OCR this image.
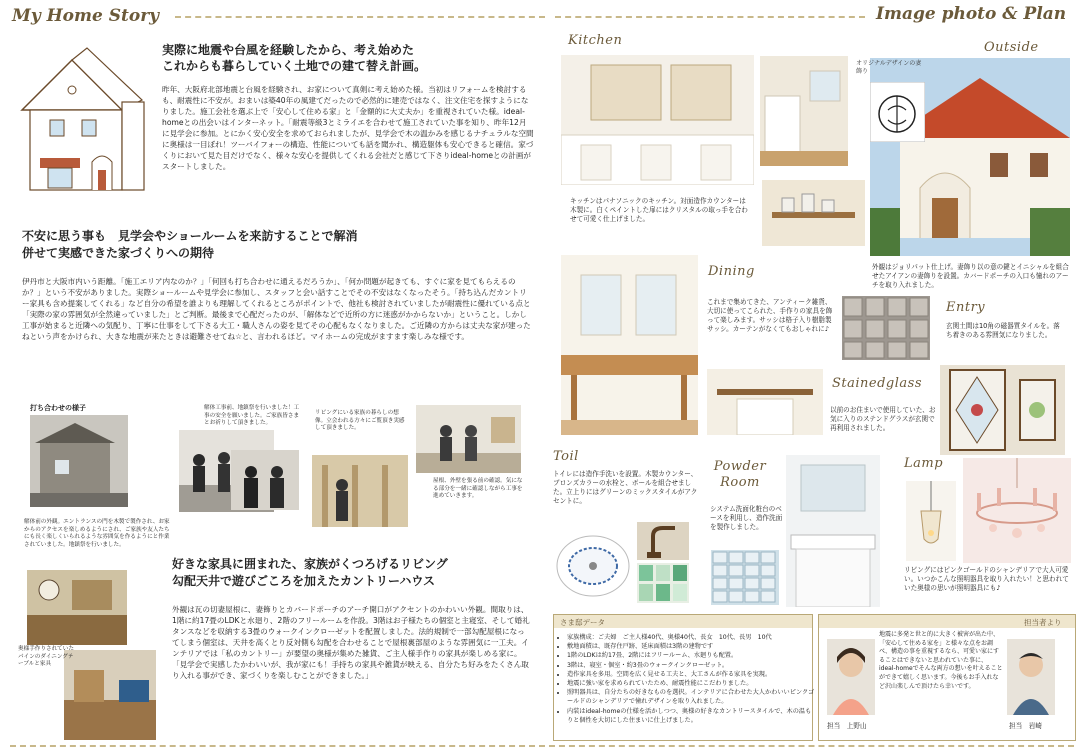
My Home Story	Image photo & Plan
実際に地震や台風を経験したから、考え始めた
これからも暮らしていく土地での建て替え計画。

昨年、大阪府北部地震と台風を経験され、お家について真剣に考え始めた様。当初はリフォームを検討するも、耐震性に不安が。おまいは築40年の風建てだったので必然的に建売ではなく、注文住宅を探すようになりました。施工会社を選ぶ上で「安心して住める家」と「金額的に大丈夫か」を重視されていた様。ideal-homeとの出会いはインターネット。「耐震等級3とミライエを合わせて施工されていた事を知り、昨年12月に見学会に参加。とにかく安心安全を求めておられましたが、見学会で木の温かみを感じるナチュラルな空間に奥様は一目ぼれ！ツーバイフォーの構造、性能についても話を聞かれ、構造躯体も安心できると確信。家づくりにおいて見た目だけでなく、様々な安心を提供してくれる会社だと感じて下さりideal-homeとの計画がスタートしました。

不安に思う事も　見学会やショールームを来訪することで解消
併せて実感できた家づくりへの期待

伊丹市と大阪市内いう距離。「施工エリア内なのか？」「何回も打ち合わせに通えるだろうか」、「何か問題が起きても、すぐに家を見てもらえるのか？」という不安がありました。実際ショールームや見学会に参加し、スタッフと会い話すことでその不安はなくなったそう。「持ち込んだカントリー家具も含め提案してくれる」など自分の希望を誰よりも理解してくれるところがポイントで、他社も検討されていましたが耐震性に優れている点と「実際の家の雰囲気が全然違っていました」とご判断。最後まで心配だったのが、「解体などで近所の方に迷惑がかからないか」ということ。しかし工事が始まると近隣への気配り、丁寧に仕事をして下さる大工・職人さんの姿を見てその心配もなくなりました。ご近隣の方からは丈夫な家が建ったねという声をかけられ、大きな地震が来たときは避難させてね☆と、言われるほど。マイホームの完成がますます楽しみな様です。

打ち合わせの様子

解体前の外観。エントランスの門を木製で製作され、お家からのアクセスを楽しめるようにされ、ご家族や友人たちにも長く楽しくいられるような雰囲気を作るようにと作業されていました。地鎮祭を行いました。

解体工事前、地鎮祭を行いました！工事の安全を願いました。ご家族皆さまとお祈りして頂きました。

リビングにいる家族の暮らしの想像。立会われる方々にご覧頂き実感して頂きました。

屋根、外壁を張る前の確認。気になる部分を一緒に確認しながら工事を進めていきます。

奥様手作りされていたパインのダイニングテーブルと家具

好きな家具に囲まれた、家族がくつろげるリビング
勾配天井で遊びごころを加えたカントリーハウス

外観は瓦の切妻屋根に、妻飾りとカバードポーチのアーチ開口がアクセントのかわいい外観。間取りは、1階に約17畳のLDKと水廻り、2階のフリールームを作設。3階はお子様たちの個室と主寝室、そして婚礼タンスなどを収納する3畳のウォークインクローゼットを配置しました。法的規制で一部勾配屋根になってしまう個室は、天井を高くとり反対側も勾配を合わせることで屋根裏部屋のような雰囲気に一工夫。インテリアでは「私のカントリー」が要望の奥様が集めた雑貨、ご主人様手作りの家具が楽しめる家に。「見学会で実感したかわいいが、我が家にも！手持ちの家具や雑貨が映える、自分たち好みをたくさん取り入れる事ができ、家づくりを楽しむことができました。」

Kitchen

キッチンはパナソニックのキッチン。対面造作カウンターは木製に。白くペイントした扉にはクリスタルの取っ手を合わせて可愛く仕上げました。

Outside
オリジナルデザインの妻飾り

外観はジョリパット仕上げ。妻飾り以の意の鍵とイニシャルを組合せたアイアンの妻飾りを設置。カバードポーチの入口も憧れのアーチを取り入れました。

Dining

これまで集めてきた、アンティーク雑貨、大切に使ってこられた、手作りの家具を飾って楽しみます。サッシは格子入り樹脂製サッシ。カーテンがなくてもおしゃれに♪

Entry

玄関土間は10角の磁器質タイルを。落ち着きのある雰囲気になりました。

Stainedglass

以前のお住まいで使用していた、お気に入りのステンドグラスが玄関で再利用されました。

Toil

トイレには造作手洗いを設置。木製カウンター、ブロンズカラーの水栓と、ボールを組合せました。立上りにはグリーンのミックスタイルがアクセントに。

Powder
Room

システム洗面化粧台のベースを利用し、造作洗面を製作しました。

Lamp

リビングにはピンクゴールドのシャンデリアで大人可愛い。いつかこんな照明器具を取り入れたい！と思われていた奥様の思いが照明器具にも♪

さま邸データ
• 家族構成：ご夫婦　ご主人様40代、奥様40代、長女　10代、長男　10代
• 敷地面積は、既存住戸跡、延床面積は3階の建物です
• 1階のLDKは約17畳、2階にはフリールーム、水廻りも配置。
• 3階は、寝室・個室・約3畳のウォークインクローゼット。
• 造作家具を多用。空間を広く見せる工夫と、大工さんが作る家具を実現。
• 地震に強い家を求められていたため、耐震性能にこだわりました。
• 照明器具は、自分たちの好きなものを選択。インテリアに合わせた大人かわいいピンクゴールドのシャンデリアで憧れデザインを取り入れました。
• 内装はideal-homeの仕様を活かしつつ、奥様の好きなカントリースタイルで、木の温もりと個性を大切にした住まいに仕上げました。
担当者より

地震に多発と世と的に大きく被害が出た中、「安心して住める家を」と様々な点をお調べ、構造の事を重視するなら、可愛い家にすることはできないと思われていた事に、ideal-homeでそんな両方の想いを叶えることができて嬉しく思います。今後もお手入れなど沢山楽しんで頂けたら幸いです。

担当　上野山	担当　岩崎
